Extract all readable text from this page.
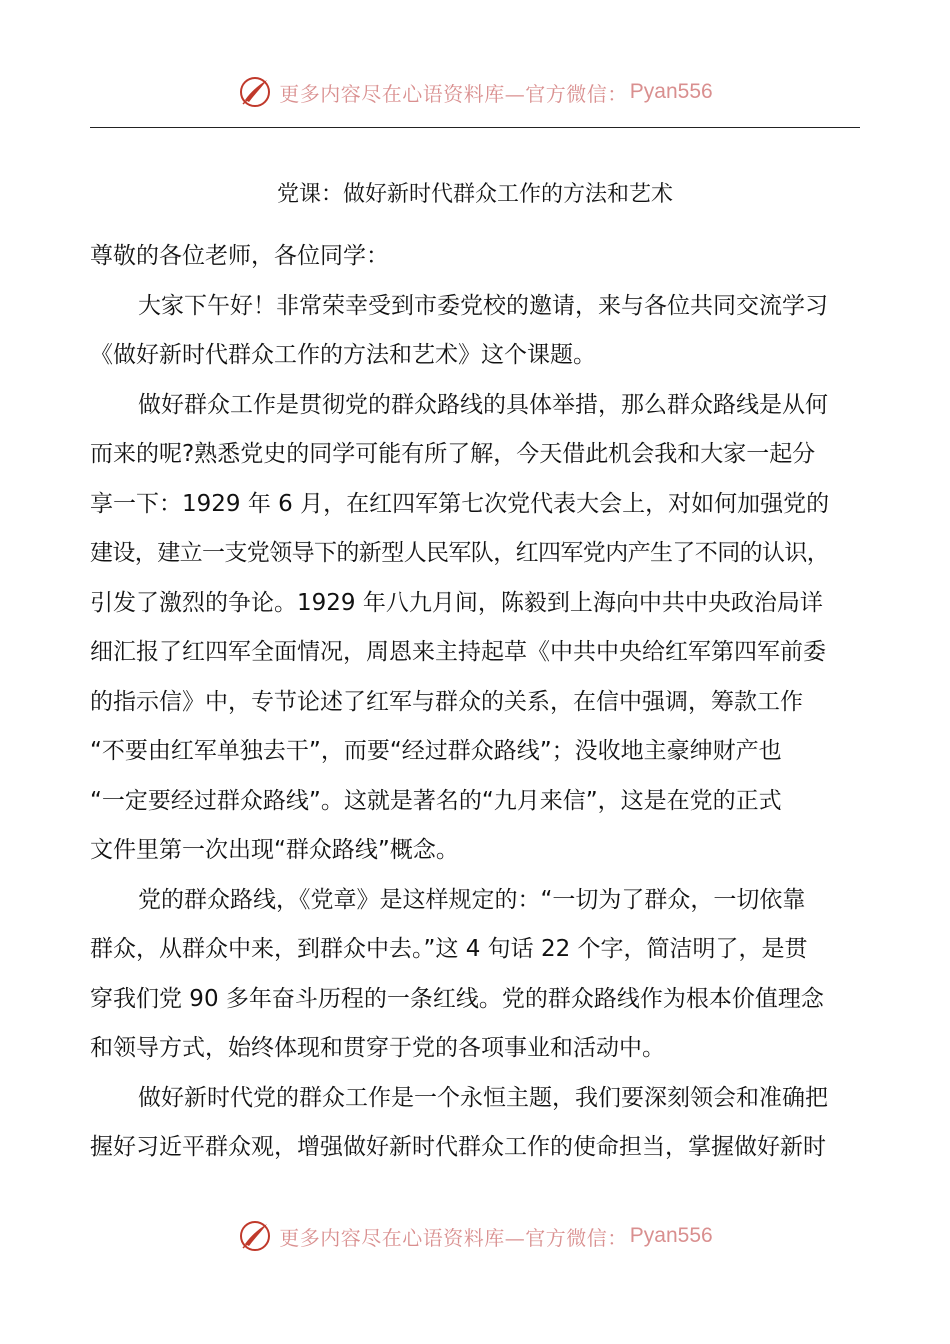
更多内容尽在心语资料库—官方微信： Pyan556
党课：做好新时代群众工作的方法和艺术
尊敬的各位老师，各位同学：
大家下午好！非常荣幸受到市委党校的邀请，来与各位共同交流学习
《做好新时代群众工作的方法和艺术》这个课题。
做好群众工作是贯彻党的群众路线的具体举措，那么群众路线是从何
而来的呢?熟悉党史的同学可能有所了解，今天借此机会我和大家一起分
享一下：1929 年 6 月，在红四军第七次党代表大会上，对如何加强党的
建设，建立一支党领导下的新型人民军队，红四军党内产生了不同的认识，
引发了激烈的争论。1929 年八九月间，陈毅到上海向中共中央政治局详
细汇报了红四军全面情况，周恩来主持起草《中共中央给红军第四军前委
的指示信》中，专节论述了红军与群众的关系，在信中强调，筹款工作
“不要由红军单独去干”，而要“经过群众路线”；没收地主豪绅财产也
“一定要经过群众路线”。这就是著名的“九月来信”，这是在党的正式
文件里第一次出现“群众路线”概念。
党的群众路线，《党章》是这样规定的：“一切为了群众，一切依靠
群众，从群众中来，到群众中去。”这 4 句话 22 个字，简洁明了，是贯
穿我们党 90 多年奋斗历程的一条红线。党的群众路线作为根本价值理念
和领导方式，始终体现和贯穿于党的各项事业和活动中。
做好新时代党的群众工作是一个永恒主题，我们要深刻领会和准确把
握好习近平群众观，增强做好新时代群众工作的使命担当，掌握做好新时
更多内容尽在心语资料库—官方微信： Pyan556
